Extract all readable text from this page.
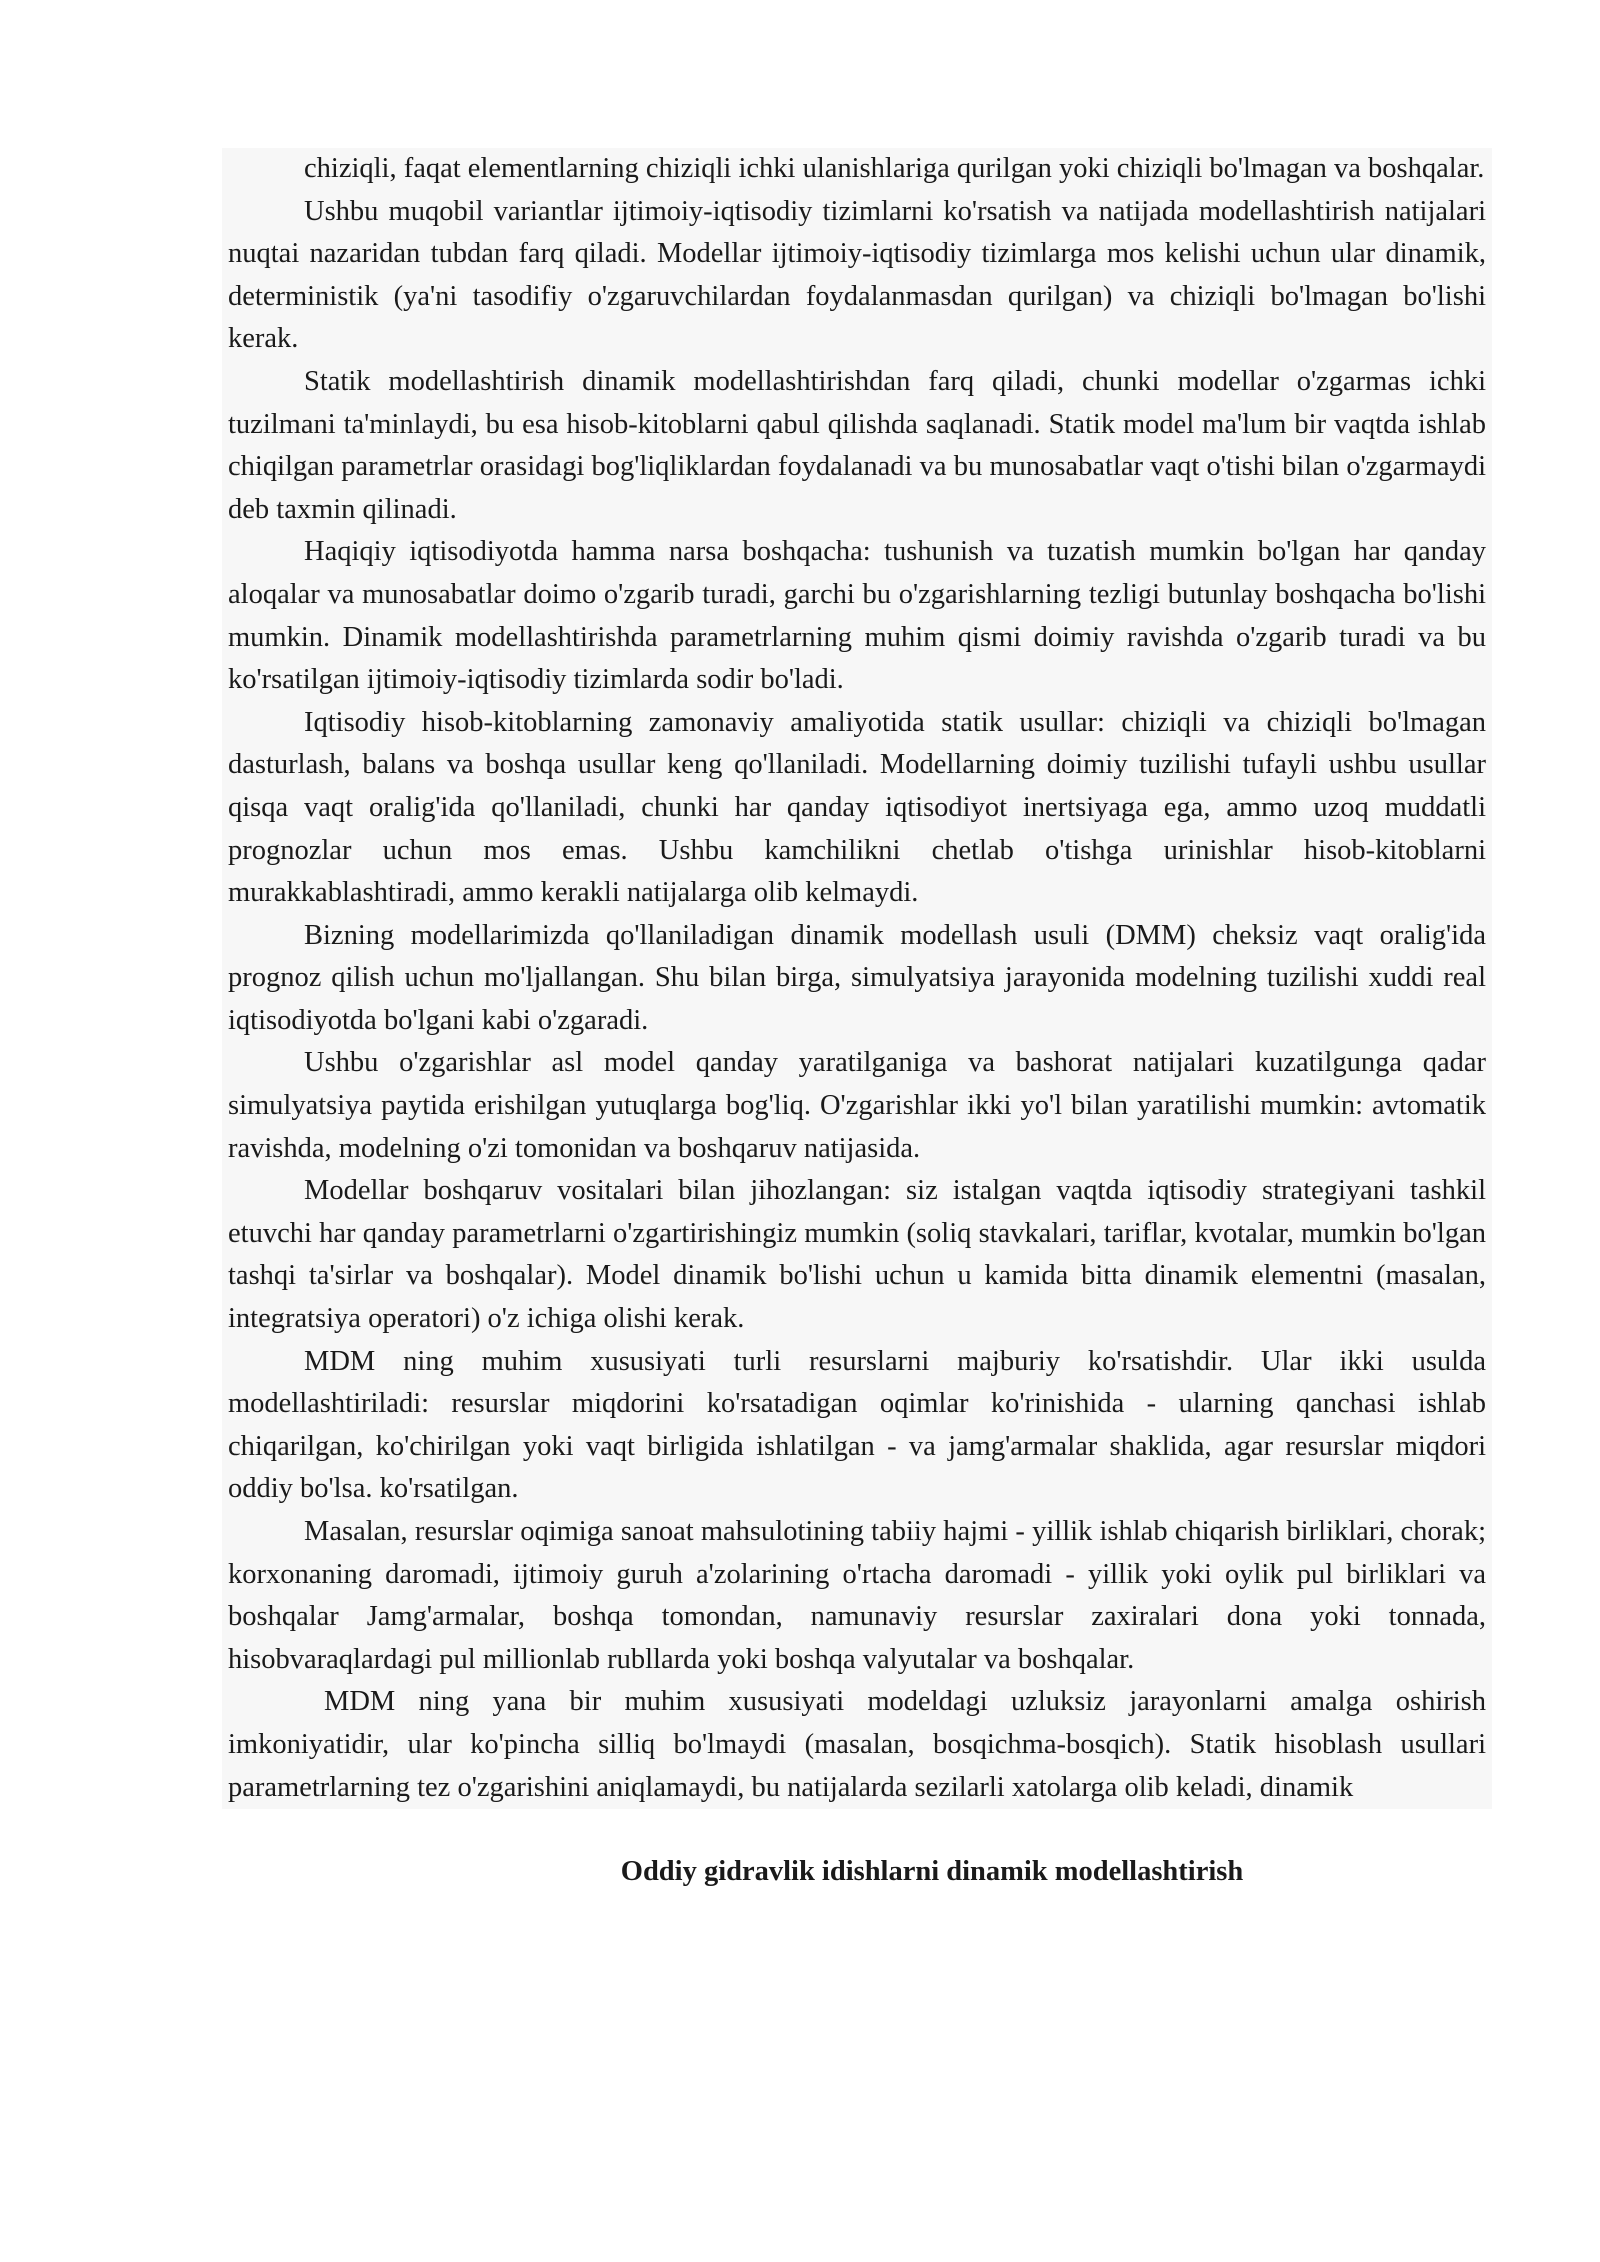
chiziqli, faqat elementlarning chiziqli ichki ulanishlariga qurilgan yoki chiziqli bo'lmagan va boshqalar.

Ushbu muqobil variantlar ijtimoiy-iqtisodiy tizimlarni ko'rsatish va natijada modellashtirish natijalari nuqtai nazaridan tubdan farq qiladi. Modellar ijtimoiy-iqtisodiy tizimlarga mos kelishi uchun ular dinamik, deterministik (ya'ni tasodifiy o'zgaruvchilardan foydalanmasdan qurilgan) va chiziqli bo'lmagan bo'lishi kerak.

Statik modellashtirish dinamik modellashtirishdan farq qiladi, chunki modellar o'zgarmas ichki tuzilmani ta'minlaydi, bu esa hisob-kitoblarni qabul qilishda saqlanadi. Statik model ma'lum bir vaqtda ishlab chiqilgan parametrlar orasidagi bog'liqliklardan foydalanadi va bu munosabatlar vaqt o'tishi bilan o'zgarmaydi deb taxmin qilinadi.

Haqiqiy iqtisodiyotda hamma narsa boshqacha: tushunish va tuzatish mumkin bo'lgan har qanday aloqalar va munosabatlar doimo o'zgarib turadi, garchi bu o'zgarishlarning tezligi butunlay boshqacha bo'lishi mumkin. Dinamik modellashtirishda parametrlarning muhim qismi doimiy ravishda o'zgarib turadi va bu ko'rsatilgan ijtimoiy-iqtisodiy tizimlarda sodir bo'ladi.

Iqtisodiy hisob-kitoblarning zamonaviy amaliyotida statik usullar: chiziqli va chiziqli bo'lmagan dasturlash, balans va boshqa usullar keng qo'llaniladi. Modellarning doimiy tuzilishi tufayli ushbu usullar qisqa vaqt oralig'ida qo'llaniladi, chunki har qanday iqtisodiyot inertsiyaga ega, ammo uzoq muddatli prognozlar uchun mos emas. Ushbu kamchilikni chetlab o'tishga urinishlar hisob-kitoblarni murakkablashtiradi, ammo kerakli natijalarga olib kelmaydi.

Bizning modellarimizda qo'llaniladigan dinamik modellash usuli (DMM) cheksiz vaqt oralig'ida prognoz qilish uchun mo'ljallangan. Shu bilan birga, simulyatsiya jarayonida modelning tuzilishi xuddi real iqtisodiyotda bo'lgani kabi o'zgaradi.

Ushbu o'zgarishlar asl model qanday yaratilganiga va bashorat natijalari kuzatilgunga qadar simulyatsiya paytida erishilgan yutuqlarga bog'liq. O'zgarishlar ikki yo'l bilan yaratilishi mumkin: avtomatik ravishda, modelning o'zi tomonidan va boshqaruv natijasida.

Modellar boshqaruv vositalari bilan jihozlangan: siz istalgan vaqtda iqtisodiy strategiyani tashkil etuvchi har qanday parametrlarni o'zgartirishingiz mumkin (soliq stavkalari, tariflar, kvotalar, mumkin bo'lgan tashqi ta'sirlar va boshqalar). Model dinamik bo'lishi uchun u kamida bitta dinamik elementni (masalan, integratsiya operatori) o'z ichiga olishi kerak.

MDM ning muhim xususiyati turli resurslarni majburiy ko'rsatishdir. Ular ikki usulda modellashtiriladi: resurslar miqdorini ko'rsatadigan oqimlar ko'rinishida - ularning qanchasi ishlab chiqarilgan, ko'chirilgan yoki vaqt birligida ishlatilgan - va jamg'armalar shaklida, agar resurslar miqdori oddiy bo'lsa. ko'rsatilgan.

Masalan, resurslar oqimiga sanoat mahsulotining tabiiy hajmi - yillik ishlab chiqarish birliklari, chorak; korxonaning daromadi, ijtimoiy guruh a'zolarining o'rtacha daromadi - yillik yoki oylik pul birliklari va boshqalar Jamg'armalar, boshqa tomondan, namunaviy resurslar zaxiralari dona yoki tonnada, hisobvaraqlardagi pul millionlab rubllarda yoki boshqa valyutalar va boshqalar.

MDM ning yana bir muhim xususiyati modeldagi uzluksiz jarayonlarni amalga oshirish imkoniyatidir, ular ko'pincha silliq bo'lmaydi (masalan, bosqichma-bosqich). Statik hisoblash usullari parametrlarning tez o'zgarishini aniqlamaydi, bu natijalarda sezilarli xatolarga olib keladi, dinamik

Oddiy gidravlik idishlarni dinamik modellashtirish
